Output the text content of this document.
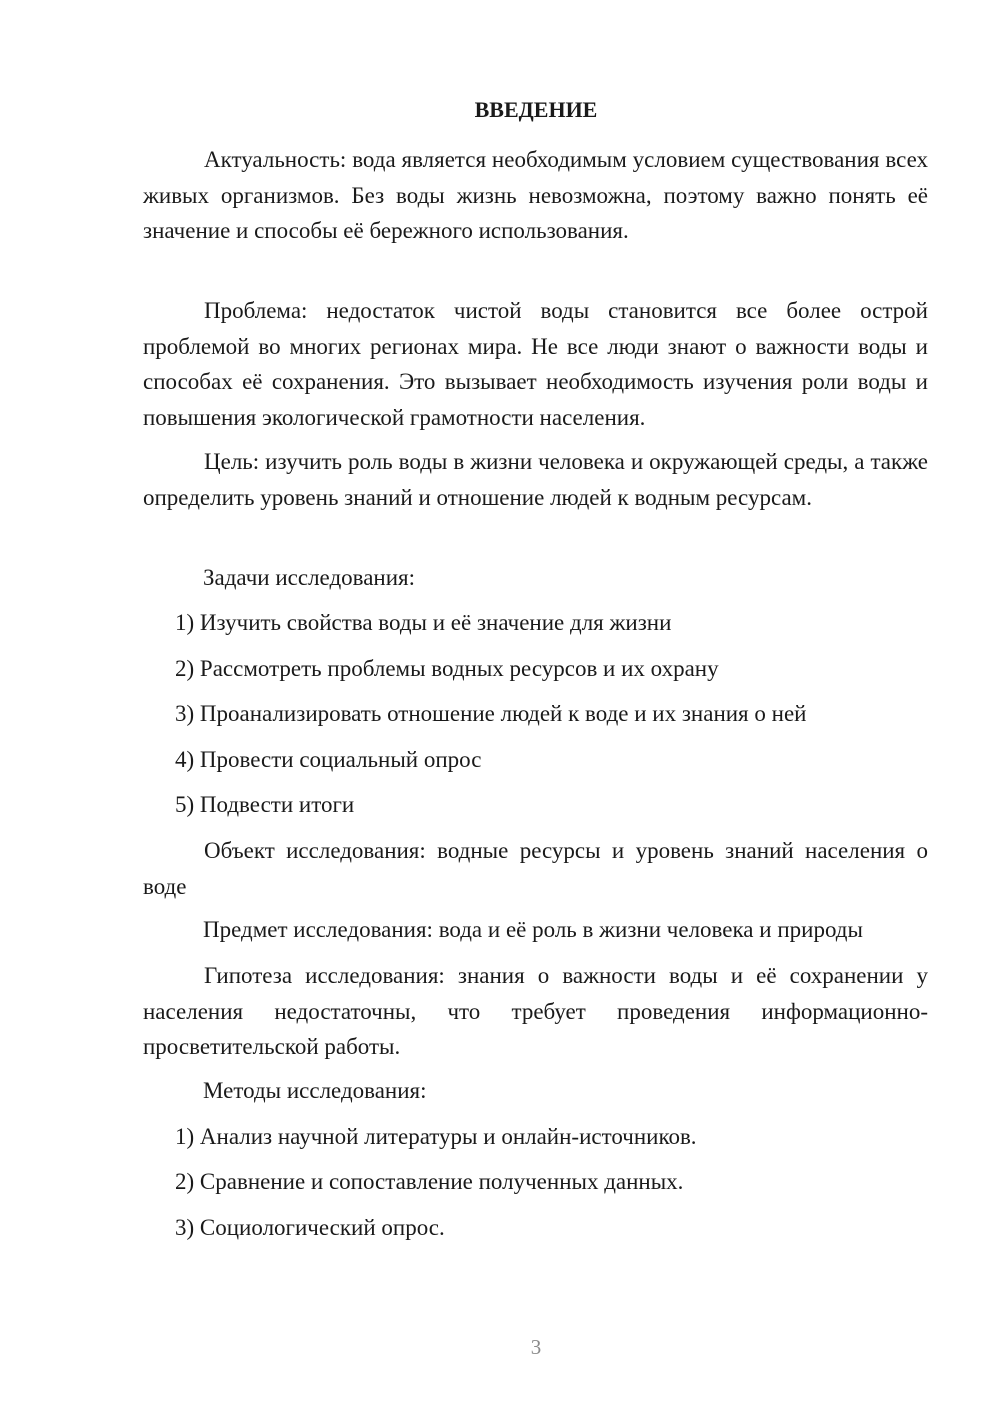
ВВЕДЕНИЕ

Актуальность: вода является необходимым условием существования всех живых организмов. Без воды жизнь невозможна, поэтому важно понять её значение и способы её бережного использования.

Проблема: недостаток чистой воды становится все более острой проблемой во многих регионах мира. Не все люди знают о важности воды и способах её сохранения. Это вызывает необходимость изучения роли воды и повышения экологической грамотности населения.

Цель: изучить роль воды в жизни человека и окружающей среды, а также определить уровень знаний и отношение людей к водным ресурсам.

Задачи исследования:

1) Изучить свойства воды и её значение для жизни

2) Рассмотреть проблемы водных ресурсов и их охрану

3) Проанализировать отношение людей к воде и их знания о ней

4) Провести социальный опрос

5) Подвести итоги

Объект исследования: водные ресурсы и уровень знаний населения о воде

Предмет исследования: вода и её роль в жизни человека и природы

Гипотеза исследования: знания о важности воды и её сохранении у населения недостаточны, что требует проведения информационно-просветительской работы.

Методы исследования:

1) Анализ научной литературы и онлайн-источников.

2) Сравнение и сопоставление полученных данных.

3) Социологический опрос.

3
